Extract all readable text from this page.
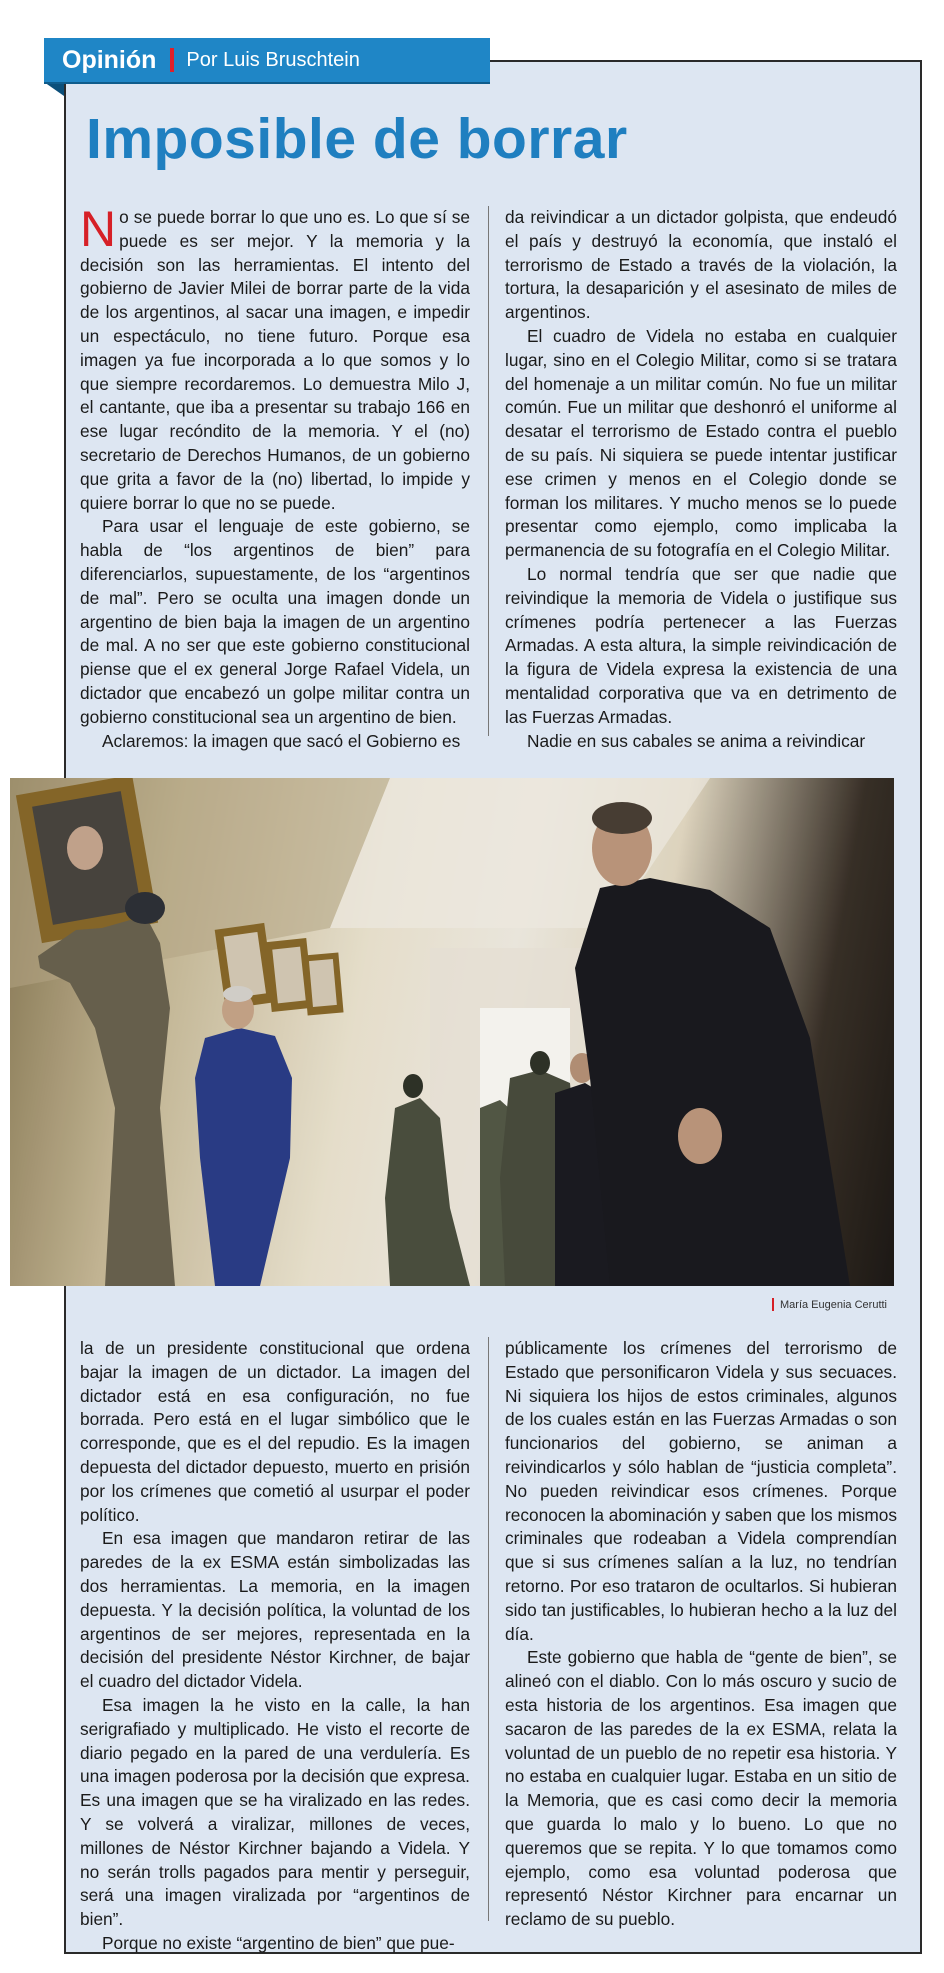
Opinión Por Luis Bruschtein
Imposible de borrar

No se puede borrar lo que uno es. Lo que sí se puede es ser mejor. Y la memoria y la decisión son las herramientas. El intento del gobierno de Javier Milei de borrar parte de la vida de los argentinos, al sacar una imagen, e impedir un espectáculo, no tiene futuro. Porque esa imagen ya fue incorporada a lo que somos y lo que siempre recordaremos. Lo demuestra Milo J, el cantante, que iba a presentar su trabajo 166 en ese lugar recóndito de la memoria. Y el (no) secretario de Derechos Humanos, de un gobierno que grita a favor de la (no) libertad, lo impide y quiere borrar lo que no se puede.

Para usar el lenguaje de este gobierno, se habla de “los argentinos de bien” para diferenciarlos, supuestamente, de los “argentinos de mal”. Pero se oculta una imagen donde un argentino de bien baja la imagen de un argentino de mal. A no ser que este gobierno constitucional piense que el ex general Jorge Rafael Videla, un dictador que encabezó un golpe militar contra un gobierno constitucional sea un argentino de bien.

Aclaremos: la imagen que sacó el Gobierno es

da reivindicar a un dictador golpista, que endeudó el país y destruyó la economía, que instaló el terrorismo de Estado a través de la violación, la tortura, la desaparición y el asesinato de miles de argentinos.

El cuadro de Videla no estaba en cualquier lugar, sino en el Colegio Militar, como si se tratara del homenaje a un militar común. No fue un militar común. Fue un militar que deshonró el uniforme al desatar el terrorismo de Estado contra el pueblo de su país. Ni siquiera se puede intentar justificar ese crimen y menos en el Colegio donde se forman los militares. Y mucho menos se lo puede presentar como ejemplo, como implicaba la permanencia de su fotografía en el Colegio Militar.

Lo normal tendría que ser que nadie que reivindique la memoria de Videla o justifique sus crímenes podría pertenecer a las Fuerzas Armadas. A esta altura, la simple reivindicación de la figura de Videla expresa la existencia de una mentalidad corporativa que va en detrimento de las Fuerzas Armadas.

Nadie en sus cabales se anima a reivindicar

María Eugenia Cerutti

la de un presidente constitucional que ordena bajar la imagen de un dictador. La imagen del dictador está en esa configuración, no fue borrada. Pero está en el lugar simbólico que le corresponde, que es el del repudio. Es la imagen depuesta del dictador depuesto, muerto en prisión por los crímenes que cometió al usurpar el poder político.

En esa imagen que mandaron retirar de las paredes de la ex ESMA están simbolizadas las dos herramientas. La memoria, en la imagen depuesta. Y la decisión política, la voluntad de los argentinos de ser mejores, representada en la decisión del presidente Néstor Kirchner, de bajar el cuadro del dictador Videla.

Esa imagen la he visto en la calle, la han serigrafiado y multiplicado. He visto el recorte de diario pegado en la pared de una verdulería. Es una imagen poderosa por la decisión que expresa. Es una imagen que se ha viralizado en las redes. Y se volverá a viralizar, millones de veces, millones de Néstor Kirchner bajando a Videla. Y no serán trolls pagados para mentir y perseguir, será una imagen viralizada por “argentinos de bien”.

Porque no existe “argentino de bien” que pue-

públicamente los crímenes del terrorismo de Estado que personificaron Videla y sus secuaces. Ni siquiera los hijos de estos criminales, algunos de los cuales están en las Fuerzas Armadas o son funcionarios del gobierno, se animan a reivindicarlos y sólo hablan de “justicia completa”. No pueden reivindicar esos crímenes. Porque reconocen la abominación y saben que los mismos criminales que rodeaban a Videla comprendían que si sus crímenes salían a la luz, no tendrían retorno. Por eso trataron de ocultarlos. Si hubieran sido tan justificables, lo hubieran hecho a la luz del día.

Este gobierno que habla de “gente de bien”, se alineó con el diablo. Con lo más oscuro y sucio de esta historia de los argentinos. Esa imagen que sacaron de las paredes de la ex ESMA, relata la voluntad de un pueblo de no repetir esa historia. Y no estaba en cualquier lugar. Estaba en un sitio de la Memoria, que es casi como decir la memoria que guarda lo malo y lo bueno. Lo que no queremos que se repita. Y lo que tomamos como ejemplo, como esa voluntad poderosa que representó Néstor Kirchner para encarnar un reclamo de su pueblo.
